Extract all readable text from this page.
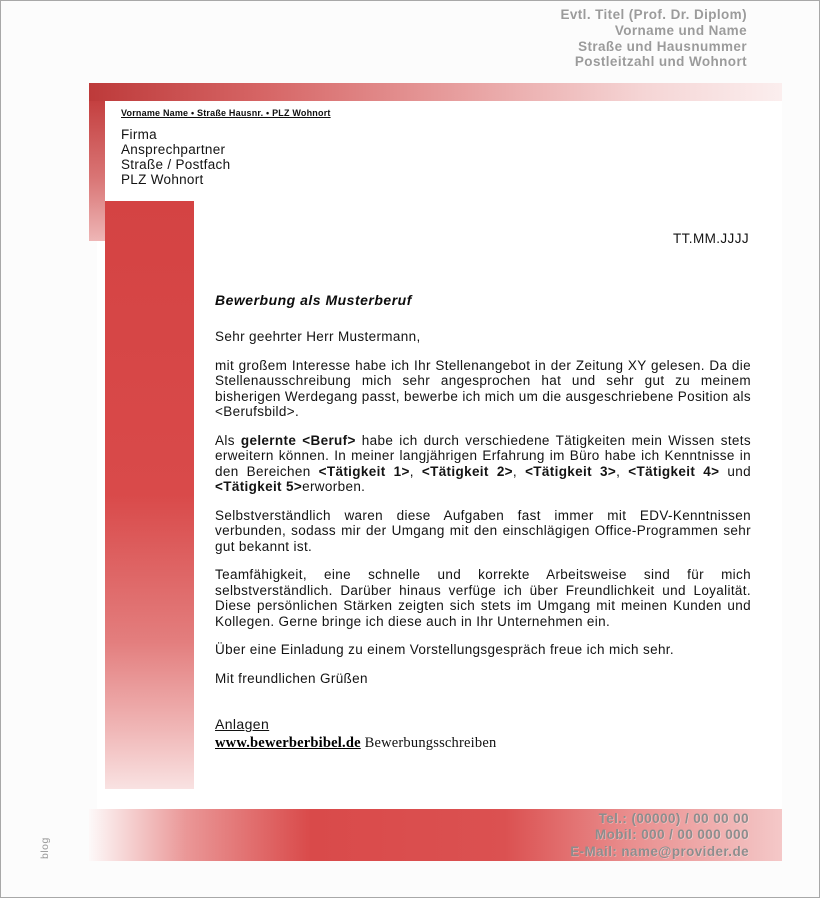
Evtl. Titel (Prof. Dr. Diplom)
Vorname und Name
Straße und Hausnummer
Postleitzahl und Wohnort
Vorname Name • Straße Hausnr. • PLZ Wohnort
Firma
Ansprechpartner
Straße / Postfach
PLZ Wohnort
TT.MM.JJJJ
Bewerbung als Musterberuf

Sehr geehrter Herr Mustermann,

mit großem Interesse habe ich Ihr Stellenangebot in der Zeitung XY gelesen. Da die Stellenausschreibung mich sehr angesprochen hat und sehr gut zu meinem bisherigen Werdegang passt, bewerbe ich mich um die ausgeschriebene Position als <Berufsbild>.

Als gelernte <Beruf> habe ich durch verschiedene Tätigkeiten mein Wissen stets erweitern können. In meiner langjährigen Erfahrung im Büro habe ich Kenntnisse in den Bereichen <Tätigkeit 1>, <Tätigkeit 2>, <Tätigkeit 3>, <Tätigkeit 4> und <Tätigkeit 5>erworben.

Selbstverständlich waren diese Aufgaben fast immer mit EDV-Kenntnissen verbunden, sodass mir der Umgang mit den einschlägigen Office-Programmen sehr gut bekannt ist.

Teamfähigkeit, eine schnelle und korrekte Arbeitsweise sind für mich selbstverständlich. Darüber hinaus verfüge ich über Freundlichkeit und Loyalität. Diese persönlichen Stärken zeigten sich stets im Umgang mit meinen Kunden und Kollegen. Gerne bringe ich diese auch in Ihr Unternehmen ein.

Über eine Einladung zu einem Vorstellungsgespräch freue ich mich sehr.

Mit freundlichen Grüßen

Anlagen
www.bewerberbibel.de Bewerbungsschreiben
Tel.: (00000) / 00 00 00
Mobil: 000 / 00 000 000
E-Mail: name@provider.de
blog
